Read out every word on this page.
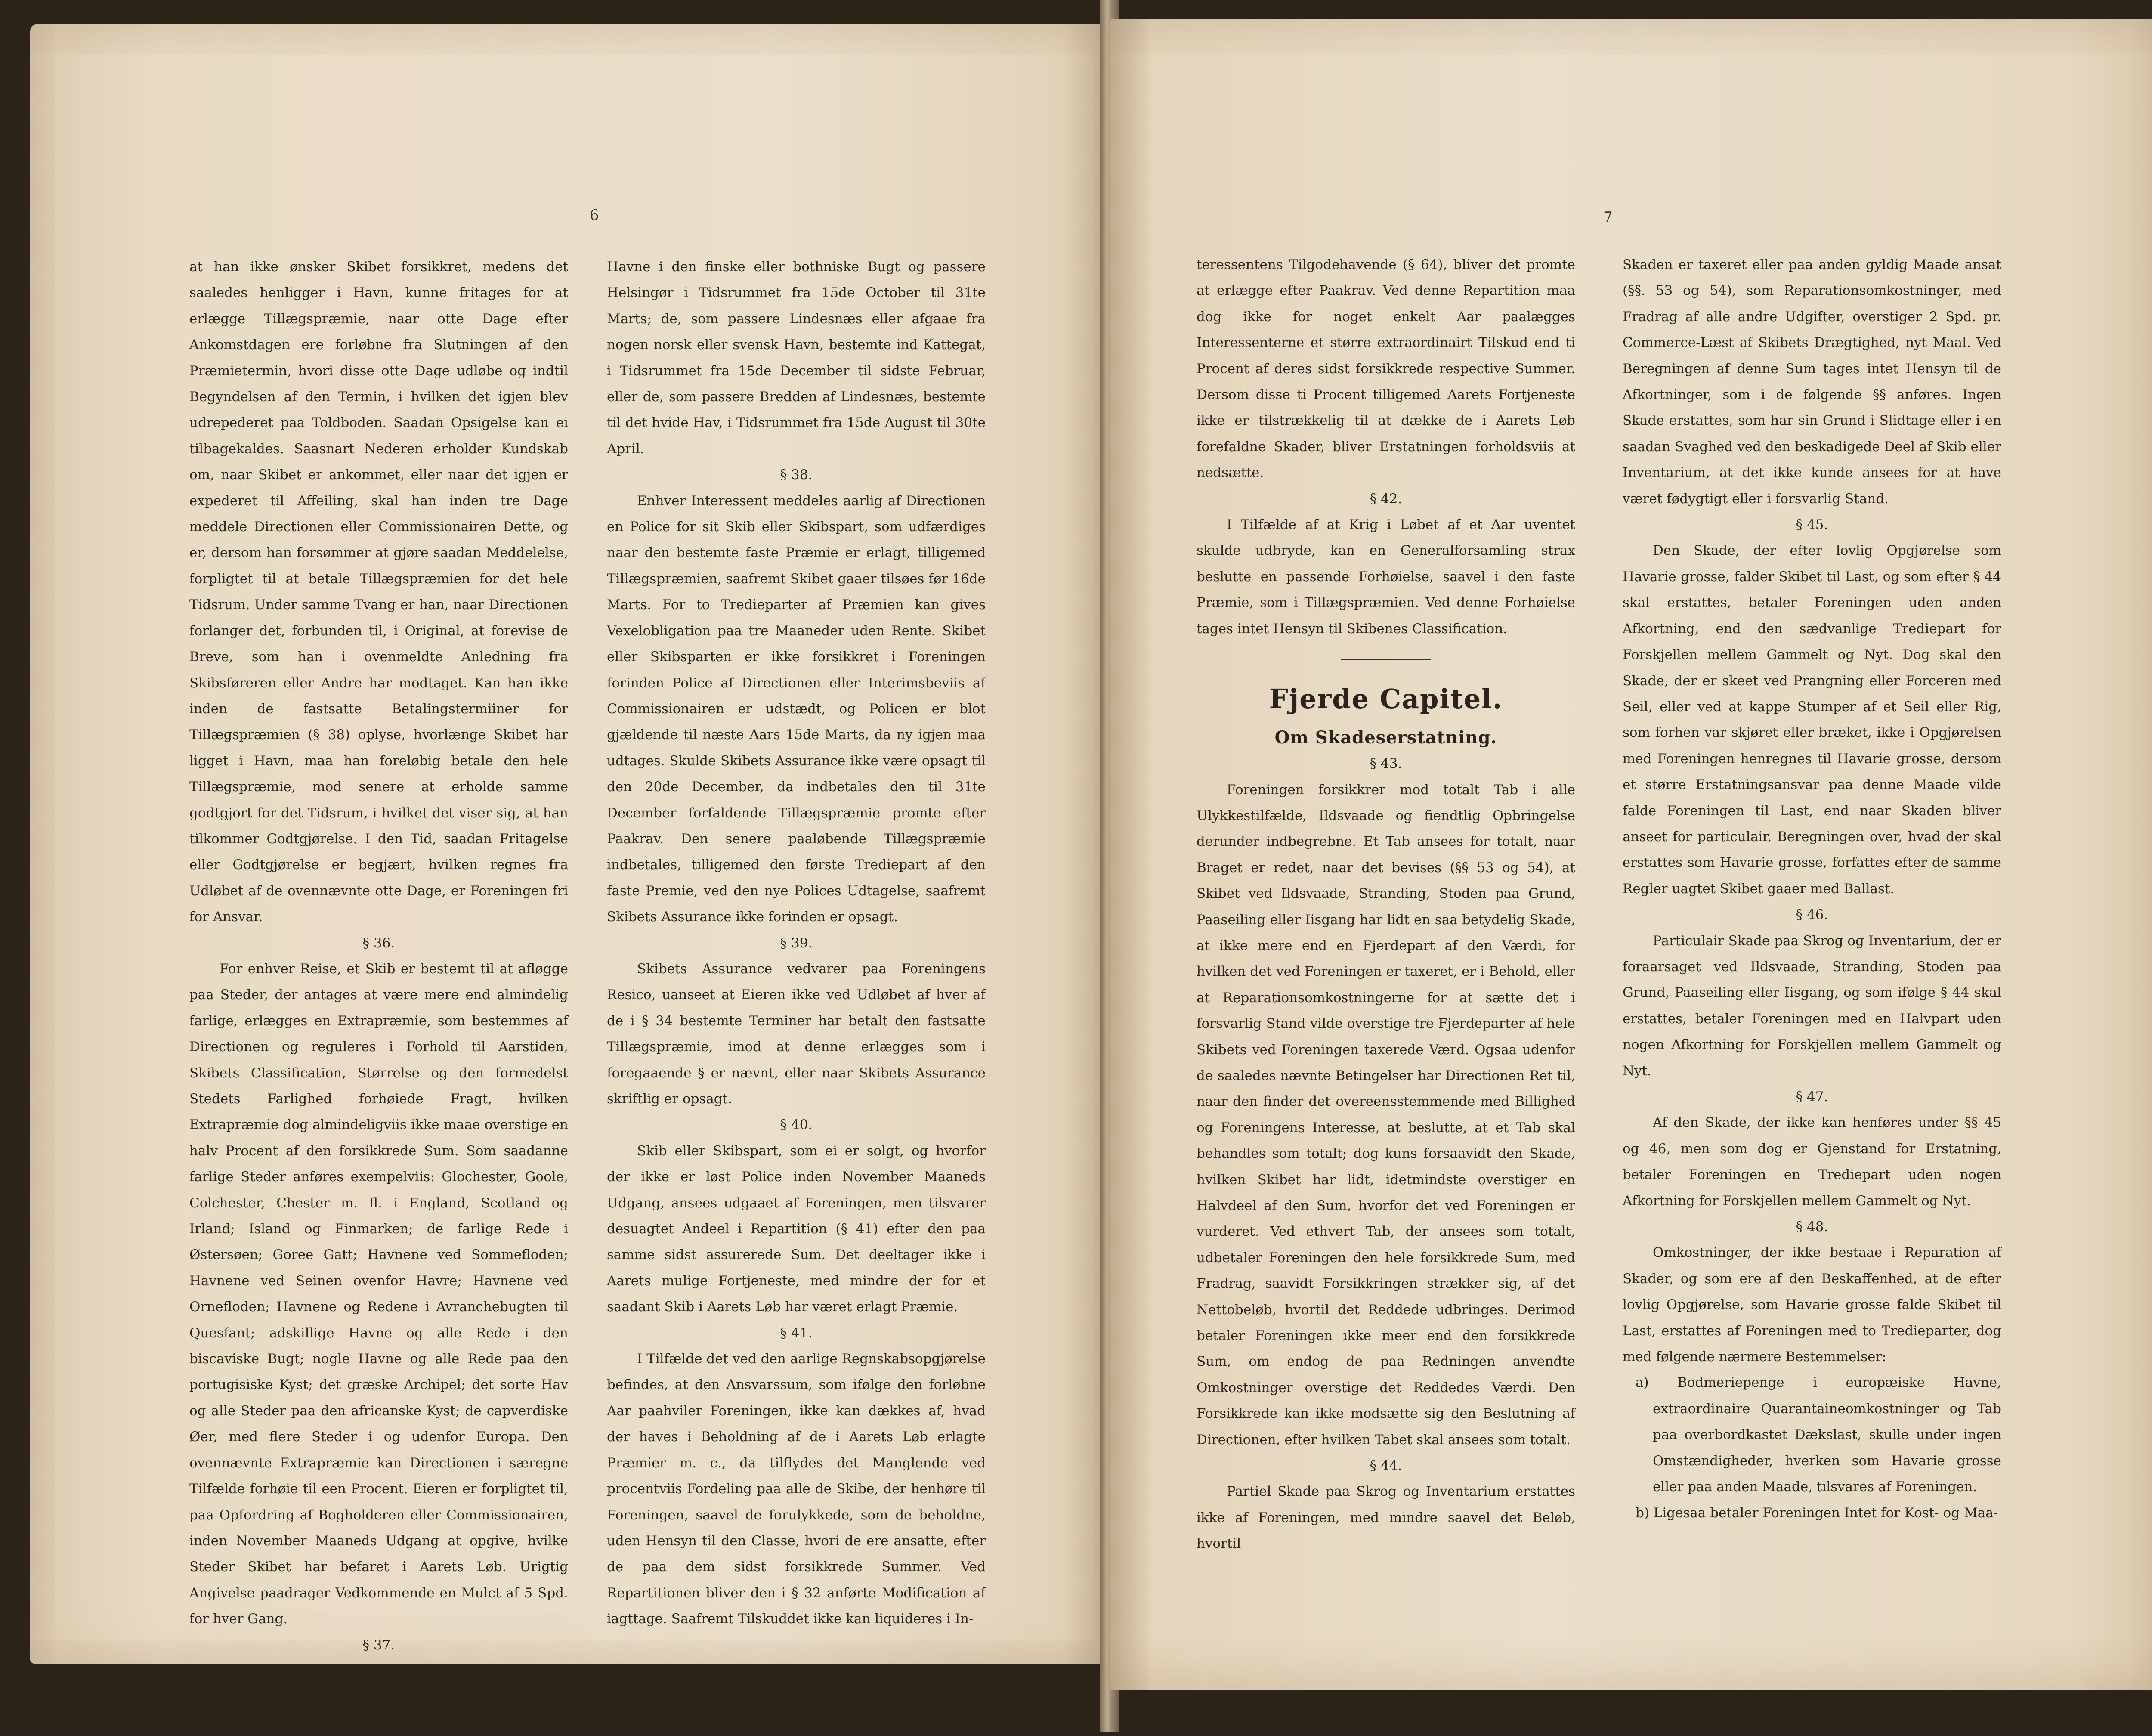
6

at han ikke ønsker Skibet forsikkret, medens det saaledes henligger i Havn, kunne fritages for at erlægge Tillægspræmie, naar otte Dage efter Ankomstdagen ere forløbne fra Slutningen af den Præmietermin, hvori disse otte Dage udløbe og indtil Begyndelsen af den Termin, i hvilken det igjen blev udrepederet paa Toldboden. Saadan Opsigelse kan ei tilbagekaldes. Saasnart Nederen erholder Kundskab om, naar Skibet er ankommet, eller naar det igjen er expederet til Affeiling, skal han inden tre Dage meddele Directionen eller Commissionairen Dette, og er, dersom han forsømmer at gjøre saadan Meddelelse, forpligtet til at betale Tillægspræmien for det hele Tidsrum. Under samme Tvang er han, naar Directionen forlanger det, forbunden til, i Original, at forevise de Breve, som han i ovenmeldte Anledning fra Skibsføreren eller Andre har modtaget. Kan han ikke inden de fastsatte Betalingstermiiner for Tillægspræmien (§ 38) oplyse, hvorlænge Skibet har ligget i Havn, maa han foreløbig betale den hele Tillægspræmie, mod senere at erholde samme godtgjort for det Tidsrum, i hvilket det viser sig, at han tilkommer Godtgjørelse. I den Tid, saadan Fritagelse eller Godtgjørelse er begjært, hvilken regnes fra Udløbet af de ovennævnte otte Dage, er Foreningen fri for Ansvar.

§ 36.

For enhver Reise, et Skib er bestemt til at afløgge paa Steder, der antages at være mere end almindelig farlige, erlægges en Extrapræmie, som bestemmes af Directionen og reguleres i Forhold til Aarstiden, Skibets Classification, Størrelse og den formedelst Stedets Farlighed forhøiede Fragt, hvilken Extrapræmie dog almindeligviis ikke maae overstige en halv Procent af den forsikkrede Sum. Som saadanne farlige Steder anføres exempelviis: Glochester, Goole, Colchester, Chester m. fl. i England, Scotland og Irland; Island og Finmarken; de farlige Rede i Østersøen; Goree Gatt; Havnene ved Sommefloden; Havnene ved Seinen ovenfor Havre; Havnene ved Orneflоden; Havnene og Redene i Avranchebugten til Quesfant; adskillige Havne og alle Rede i den biscaviske Bugt; nogle Havne og alle Rede paa den portugisiske Kyst; det græske Archipel; det sorte Hav og alle Steder paa den africanske Kyst; de capverdiske Øer, med flere Steder i og udenfor Europa. Den ovennævnte Extrapræmie kan Directionen i særegne Tilfælde forhøie til een Procent. Eieren er forpligtet til, paa Opfordring af Bogholderen eller Commissionairen, inden November Maaneds Udgang at opgive, hvilke Steder Skibet har befaret i Aarets Løb. Urigtig Angivelse paadrager Vedkommende en Mulct af 5 Spd. for hver Gang.

§ 37.

Foreningen forsikkrer ikke Skibe, som fare paa den jydske Kyst fra Skagen til Fanøe; de, som ere bestemte til

Havne i den finske eller bothniske Bugt og passere Helsingør i Tidsrummet fra 15de October til 31te Marts; de, som passere Lindesnæs eller afgaae fra nogen norsk eller svensk Havn, bestemte ind Kattegat, i Tidsrummet fra 15de December til sidste Februar, eller de, som passere Bredden af Lindesnæs, bestemte til det hvide Hav, i Tidsrummet fra 15de August til 30te April.

§ 38.

Enhver Interessent meddeles aarlig af Directionen en Police for sit Skib eller Skibspart, som udfærdiges naar den bestemte faste Præmie er erlagt, tilligemed Tillægspræmien, saafremt Skibet gaaer tilsøes før 16de Marts. For to Tredieparter af Præmien kan gives Vexelobligation paa tre Maaneder uden Rente. Skibet eller Skibsparten er ikke forsikkret i Foreningen forinden Police af Directionen eller Interimsbeviis af Commissionairen er udstædt, og Policen er blot gjældende til næste Aars 15de Marts, da ny igjen maa udtages. Skulde Skibets Assurance ikke være opsagt til den 20de December, da indbetales den til 31te December forfaldende Tillægspræmie promte efter Paakrav. Den senere paaløbende Tillægspræmie indbetales, tilligemed den første Trediepart af den faste Premie, ved den nye Polices Udtagelse, saafremt Skibets Assurance ikke forinden er opsagt.

§ 39.

Skibets Assurance vedvarer paa Foreningens Resico, uanseet at Eieren ikke ved Udløbet af hver af de i § 34 bestemte Terminer har betalt den fastsatte Tillægspræmie, imod at denne erlægges som i foregaaende § er nævnt, eller naar Skibets Assurance skriftlig er opsagt.

§ 40.

Skib eller Skibspart, som ei er solgt, og hvorfor der ikke er løst Police inden November Maaneds Udgang, ansees udgaaet af Foreningen, men tilsvarer desuagtet Andeel i Repartition (§ 41) efter den paa samme sidst assurerede Sum. Det deeltager ikke i Aarets mulige Fortjeneste, med mindre der for et saadant Skib i Aarets Løb har været erlagt Præmie.

§ 41.

I Tilfælde det ved den aarlige Regnskabsopgjørelse befindes, at den Ansvarssum, som ifølge den forløbne Aar paahviler Foreningen, ikke kan dækkes af, hvad der haves i Beholdning af de i Aarets Løb erlagte Præmier m. c., da tilflydes det Manglende ved procentviis Fordeling paa alle de Skibe, der henhøre til Foreningen, saavel de forulykkede, som de beholdne, uden Hensyn til den Classe, hvori de ere ansatte, efter de paa dem sidst forsikkrede Summer. Ved Repartitionen bliver den i § 32 anførte Modification af iagttage. Saafremt Tilskuddet ikke kan liquideres i In-

7

teressentens Tilgodehavende (§ 64), bliver det promte at erlægge efter Paakrav. Ved denne Repartition maa dog ikke for noget enkelt Aar paalægges Interessenterne et større extraordinairt Tilskud end ti Procent af deres sidst forsikkrede respective Summer. Dersom disse ti Procent tilligemed Aarets Fortjeneste ikke er tilstrækkelig til at dække de i Aarets Løb forefaldne Skader, bliver Erstatningen forholdsviis at nedsætte.

§ 42.

I Tilfælde af at Krig i Løbet af et Aar uventet skulde udbryde, kan en Generalforsamling strax beslutte en passende Forhøielse, saavel i den faste Præmie, som i Tillægspræmien. Ved denne Forhøielse tages intet Hensyn til Skibenes Classification.

Fjerde Capitel.
Om Skadeserstatning.

§ 43.

Foreningen forsikkrer mod totalt Tab i alle Ulykkestilfælde, Ildsvaade og fiendtlig Opbringelse derunder indbegrebne. Et Tab ansees for totalt, naar Braget er redet, naar det bevises (§§ 53 og 54), at Skibet ved Ildsvaade, Stranding, Stoden paa Grund, Paaseiling eller Iisgang har lidt en saa betydelig Skade, at ikke mere end en Fjerdepart af den Værdi, for hvilken det ved Foreningen er taxeret, er i Behold, eller at Reparationsomkostningerne for at sætte det i forsvarlig Stand vilde overstige tre Fjerdeparter af hele Skibets ved Foreningen taxerede Værd. Ogsaa udenfor de saaledes nævnte Betingelser har Directionen Ret til, naar den finder det overeensstemmende med Billighed og Foreningens Interesse, at beslutte, at et Tab skal behandles som totalt; dog kuns forsaavidt den Skade, hvilken Skibet har lidt, idetmindste overstiger en Halvdeel af den Sum, hvorfor det ved Foreningen er vurderet. Ved ethvert Tab, der ansees som totalt, udbetaler Foreningen den hele forsikkrede Sum, med Fradrag, saavidt Forsikkringen strækker sig, af det Nettobeløb, hvortil det Reddede udbringes. Derimod betaler Foreningen ikke meer end den forsikkrede Sum, om endog de paa Redningen anvendte Omkostninger overstige det Reddedes Værdi. Den Forsikkrede kan ikke modsætte sig den Beslutning af Directionen, efter hvilken Tabet skal ansees som totalt.

§ 44.

Partiel Skade paa Skrog og Inventarium erstattes ikke af Foreningen, med mindre saavel det Beløb, hvortil

Skaden er taxeret eller paa anden gyldig Maade ansat (§§. 53 og 54), som Reparationsomkostninger, med Fradrag af alle andre Udgifter, overstiger 2 Spd. pr. Commerce-Læst af Skibets Drægtighed, nyt Maal. Ved Beregningen af denne Sum tages intet Hensyn til de Afkortninger, som i de følgende §§ anføres. Ingen Skade erstattes, som har sin Grund i Slidtage eller i en saadan Svaghed ved den beskadigede Deel af Skib eller Inventarium, at det ikke kunde ansees for at have været fødygtigt eller i forsvarlig Stand.

§ 45.

Den Skade, der efter lovlig Opgjørelse som Havarie grosse, falder Skibet til Last, og som efter § 44 skal erstattes, betaler Foreningen uden anden Afkortning, end den sædvanlige Trediepart for Forskjellen mellem Gammelt og Nyt. Dog skal den Skade, der er skeet ved Prangning eller Forceren med Seil, eller ved at kappe Stumper af et Seil eller Rig, som forhen var skjøret eller bræket, ikke i Opgjørelsen med Foreningen henregnes til Havarie grosse, dersom et større Erstatningsansvar paa denne Maade vilde falde Foreningen til Last, end naar Skaden bliver anseet for particulair. Beregningen over, hvad der skal erstattes som Havarie grosse, forfattes efter de samme Regler uagtet Skibet gaaer med Ballast.

§ 46.

Particulair Skade paa Skrog og Inventarium, der er foraarsaget ved Ildsvaade, Stranding, Stoden paa Grund, Paaseiling eller Iisgang, og som ifølge § 44 skal erstattes, betaler Foreningen med en Halvpart uden nogen Afkortning for Forskjellen mellem Gammelt og Nyt.

§ 47.

Af den Skade, der ikke kan henføres under §§ 45 og 46, men som dog er Gjenstand for Erstatning, betaler Foreningen en Trediepart uden nogen Afkortning for Forskjellen mellem Gammelt og Nyt.

§ 48.

Omkostninger, der ikke bestaae i Reparation af Skader, og som ere af den Beskaffenhed, at de efter lovlig Opgjørelse, som Havarie grosse falde Skibet til Last, erstattes af Foreningen med to Tredieparter, dog med følgende nærmere Bestemmelser:

a) Bodmeriepenge i europæiske Havne, extraordinaire Quarantaineomkostninger og Tab paa overbordkastet Dækslast, skulle under ingen Omstændigheder, hverken som Havarie grosse eller paa anden Maade, tilsvares af Foreningen.

b) Ligesaa betaler Foreningen Intet for Kost- og Maa-
